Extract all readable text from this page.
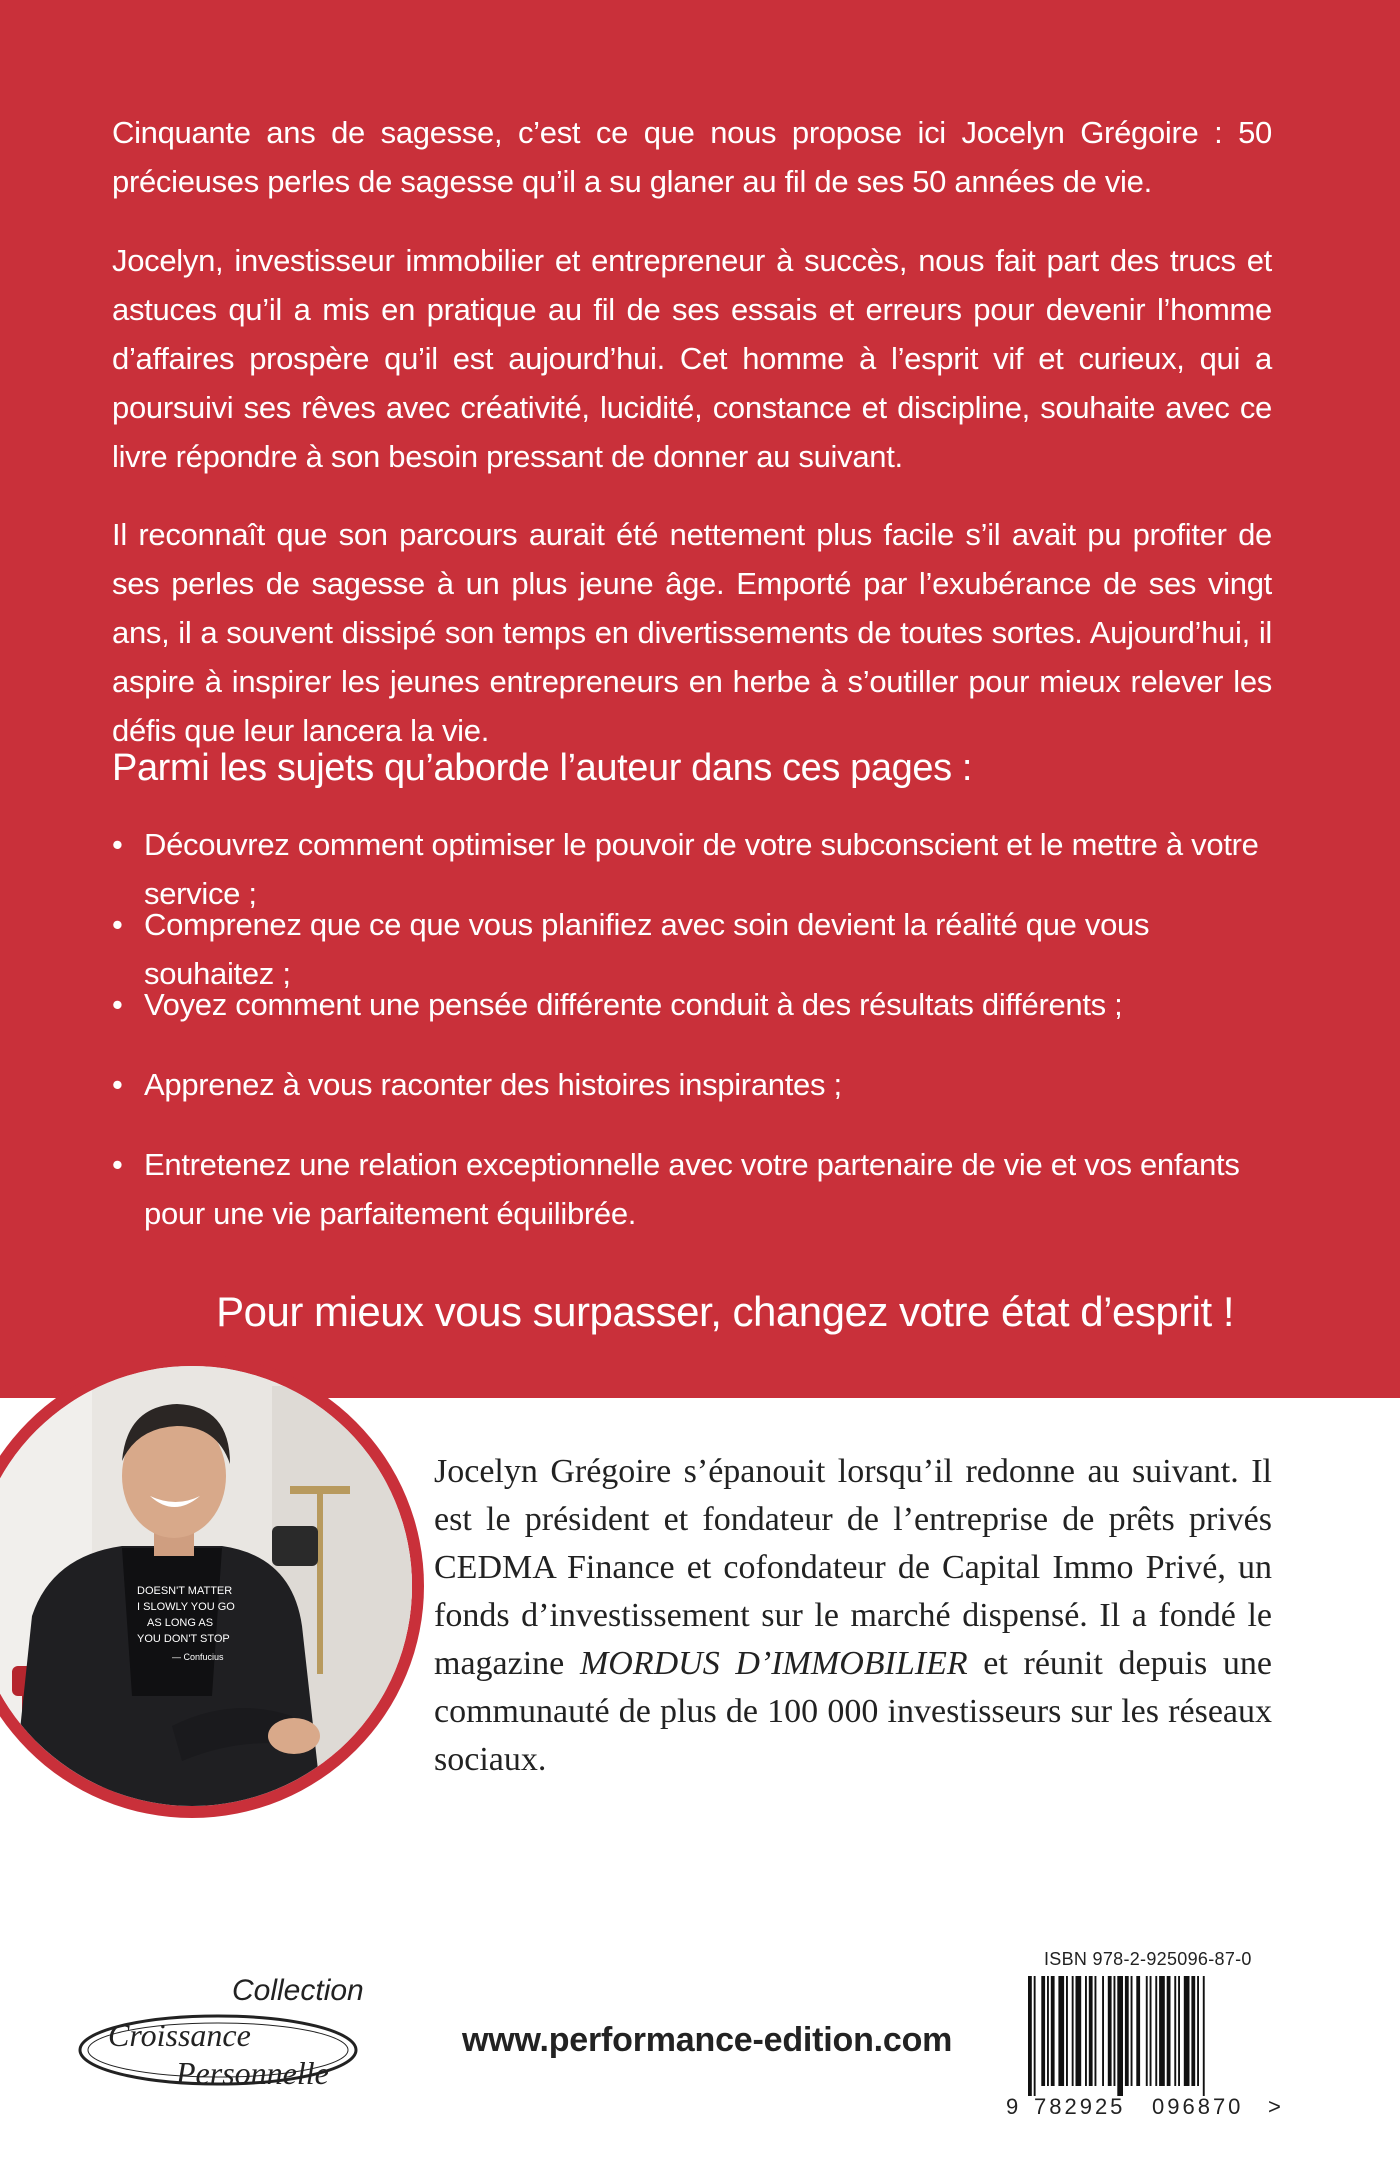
Cinquante ans de sagesse, c’est ce que nous propose ici Jocelyn Grégoire : 50 précieuses perles de sagesse qu’il a su glaner au fil de ses 50 années de vie.

Jocelyn, investisseur immobilier et entrepreneur à succès, nous fait part des trucs et astuces qu’il a mis en pratique au fil de ses essais et erreurs pour devenir l’homme d’affaires prospère qu’il est aujourd’hui. Cet homme à l’esprit vif et curieux, qui a poursuivi ses rêves avec créativité, lucidité, constance et discipline, souhaite avec ce livre répondre à son besoin pressant de donner au suivant.

Il reconnaît que son parcours aurait été nettement plus facile s’il avait pu profiter de ses perles de sagesse à un plus jeune âge. Emporté par l’exubérance de ses vingt ans, il a souvent dissipé son temps en divertissements de toutes sortes. Aujourd’hui, il aspire à inspirer les jeunes entrepreneurs en herbe à s’outiller pour mieux relever les défis que leur lancera la vie.

Parmi les sujets qu’aborde l’auteur dans ces pages :
• Découvrez comment optimiser le pouvoir de votre subconscient et le mettre à votre service ;
• Comprenez que ce que vous planifiez avec soin devient la réalité que vous souhaitez ;
• Voyez comment une pensée différente conduit à des résultats différents ;
• Apprenez à vous raconter des histoires inspirantes ;
• Entretenez une relation exceptionnelle avec votre partenaire de vie et vos enfants pour une vie parfaitement équilibrée.
Pour mieux vous surpasser, changez votre état d’esprit !
DOESN'T MATTER
I SLOWLY YOU GO
AS LONG AS
YOU DON'T STOP
— Confucius

Jocelyn Grégoire s’épanouit lorsqu’il redonne au suivant. Il est le président et fondateur de l’entreprise de prêts privés CEDMA Finance et cofondateur de Capital Immo Privé, un fonds d’investissement sur le marché dispensé. Il a fondé le magazine MORDUS D’IMMOBILIER et réunit depuis une communauté de plus de 100 000 investisseurs sur les réseaux sociaux.

Collection
Croissance
Personnelle

www.performance-edition.com

ISBN 978-2-925096-87-0

9 782925 096870 >
